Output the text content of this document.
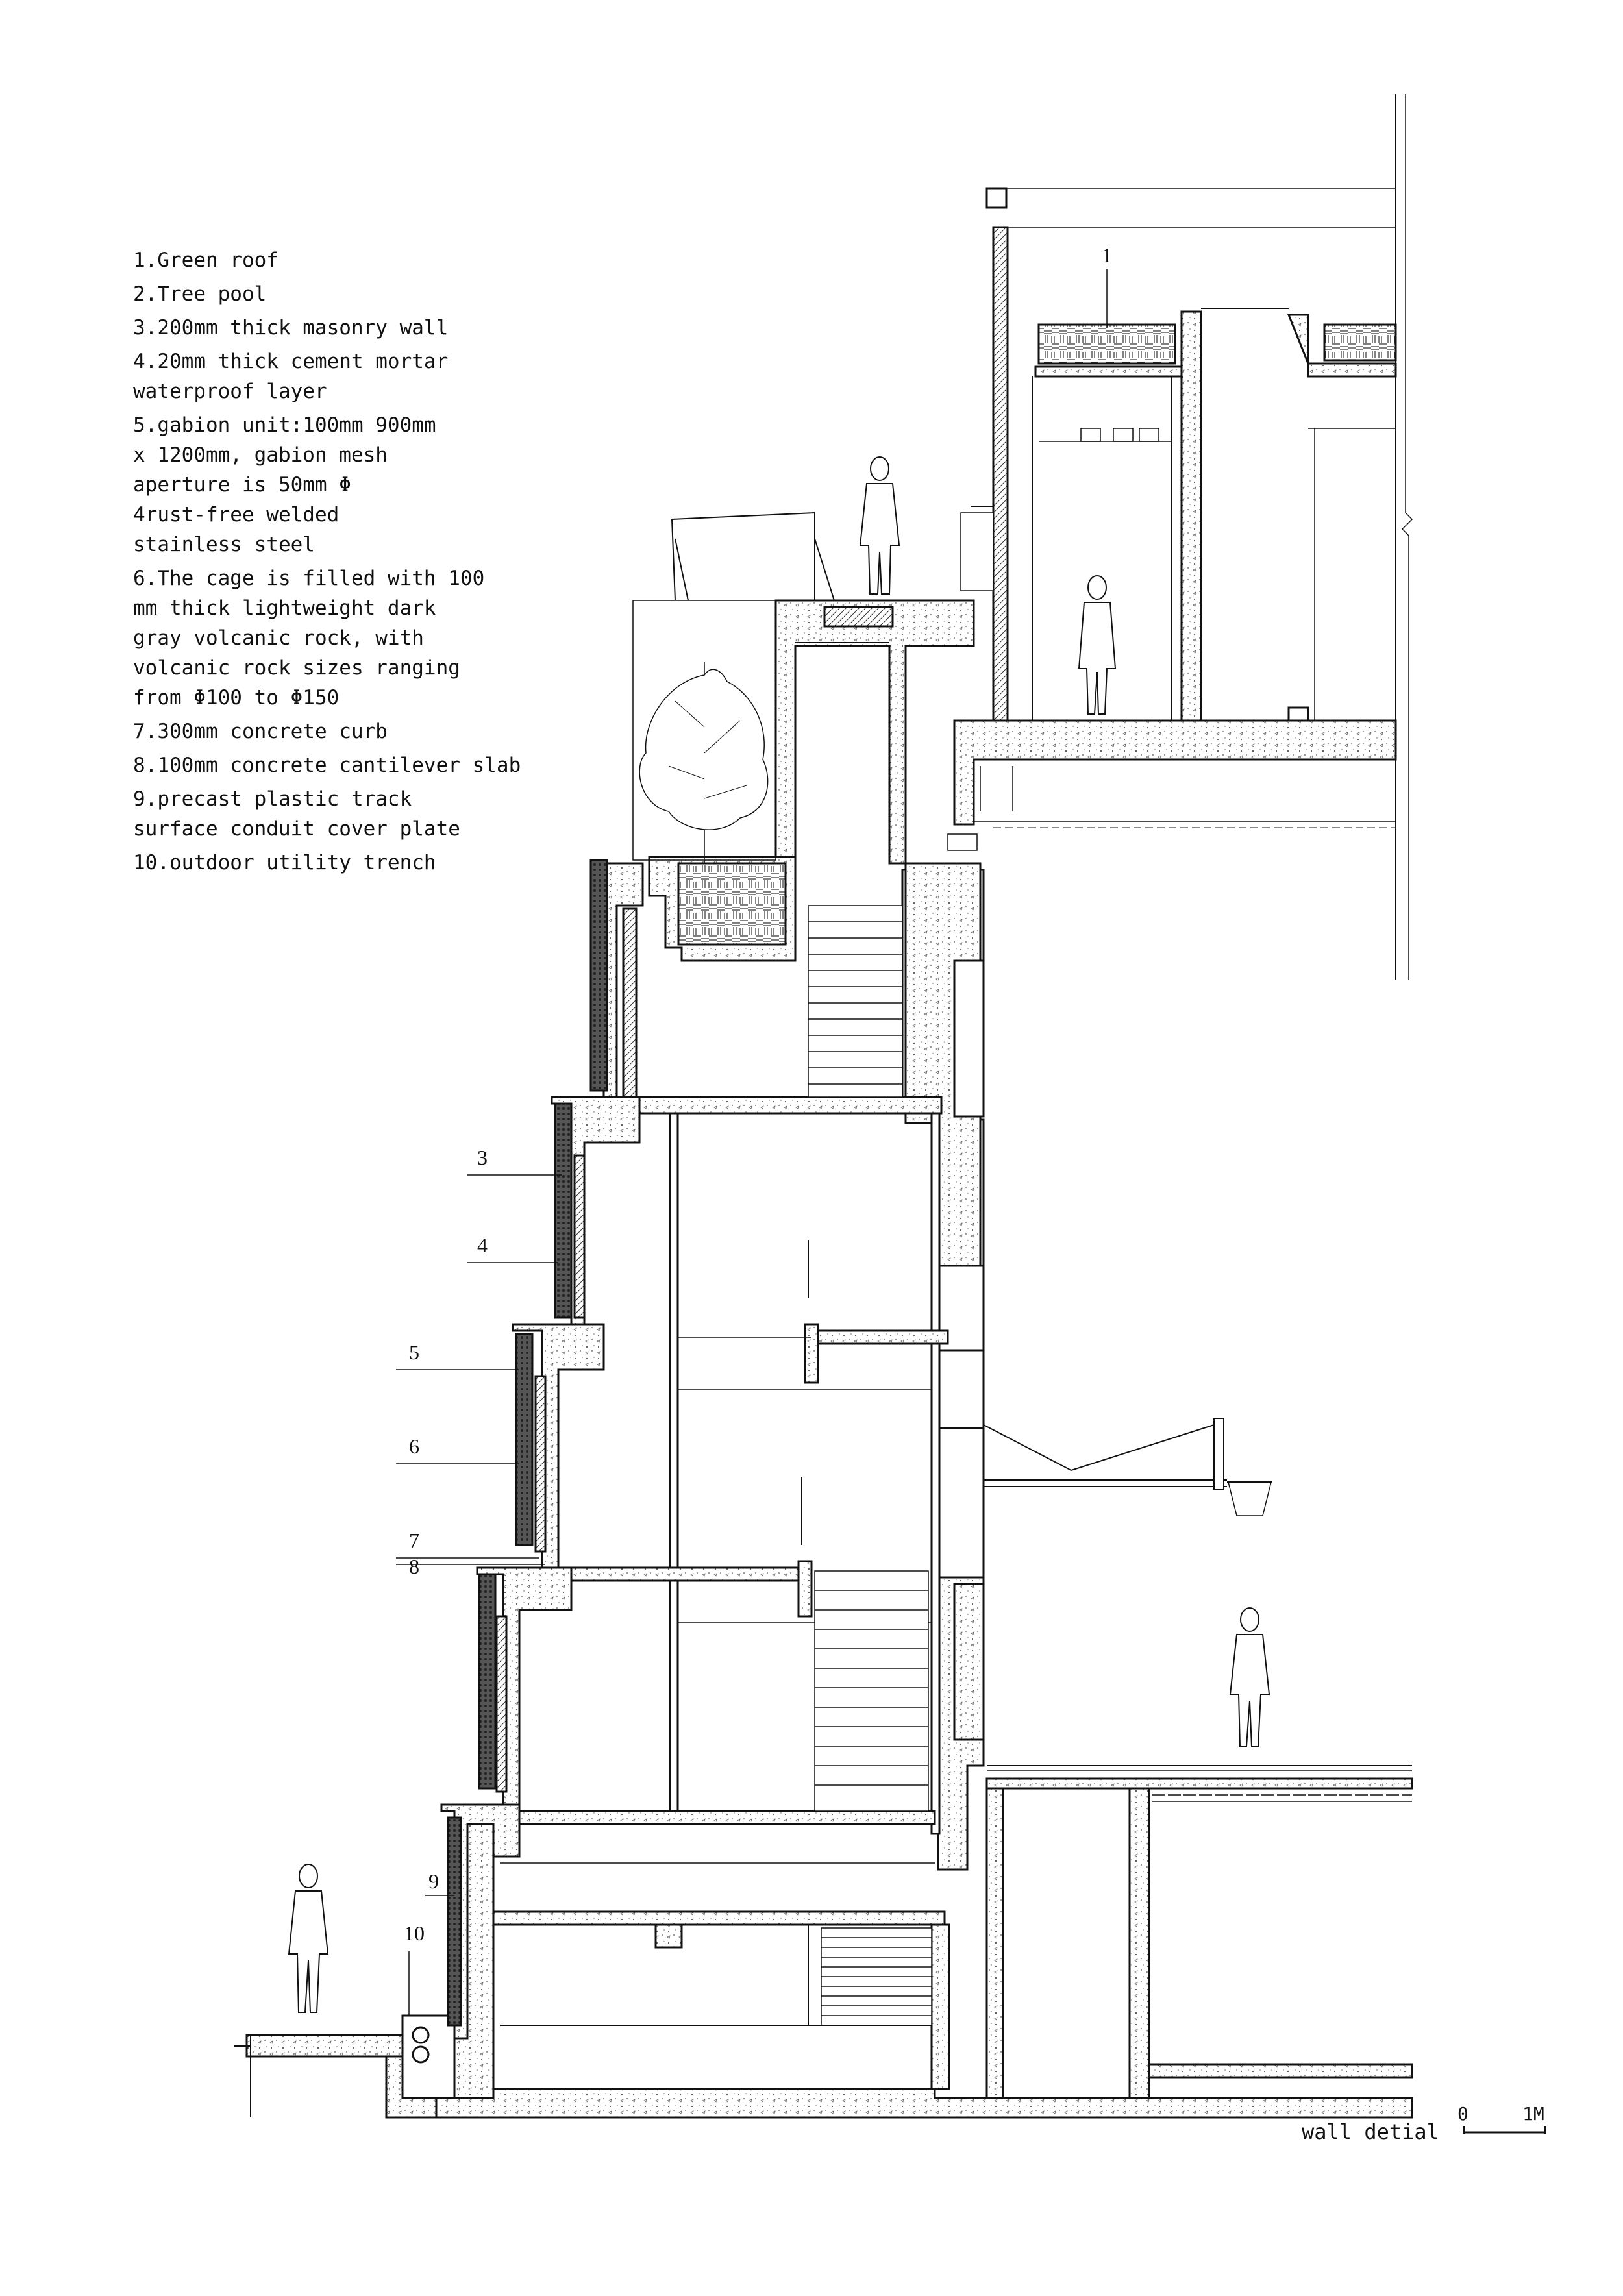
1.Green roof
2.Tree pool
3.200mm thick masonry wall
4.20mm thick cement mortar
waterproof layer
5.gabion unit:100mm 900mm
x 1200mm, gabion mesh
aperture is 50mm Φ
4rust-free welded
stainless steel
6.The cage is filled with 100
mm thick lightweight dark
gray volcanic rock, with
volcanic rock sizes ranging
from Φ100 to Φ150
7.300mm concrete curb
8.100mm concrete cantilever slab
9.precast plastic track
surface conduit cover plate
10.outdoor utility trench
1
3
4
5
6
7
8
9
10
wall detial
0	1M
